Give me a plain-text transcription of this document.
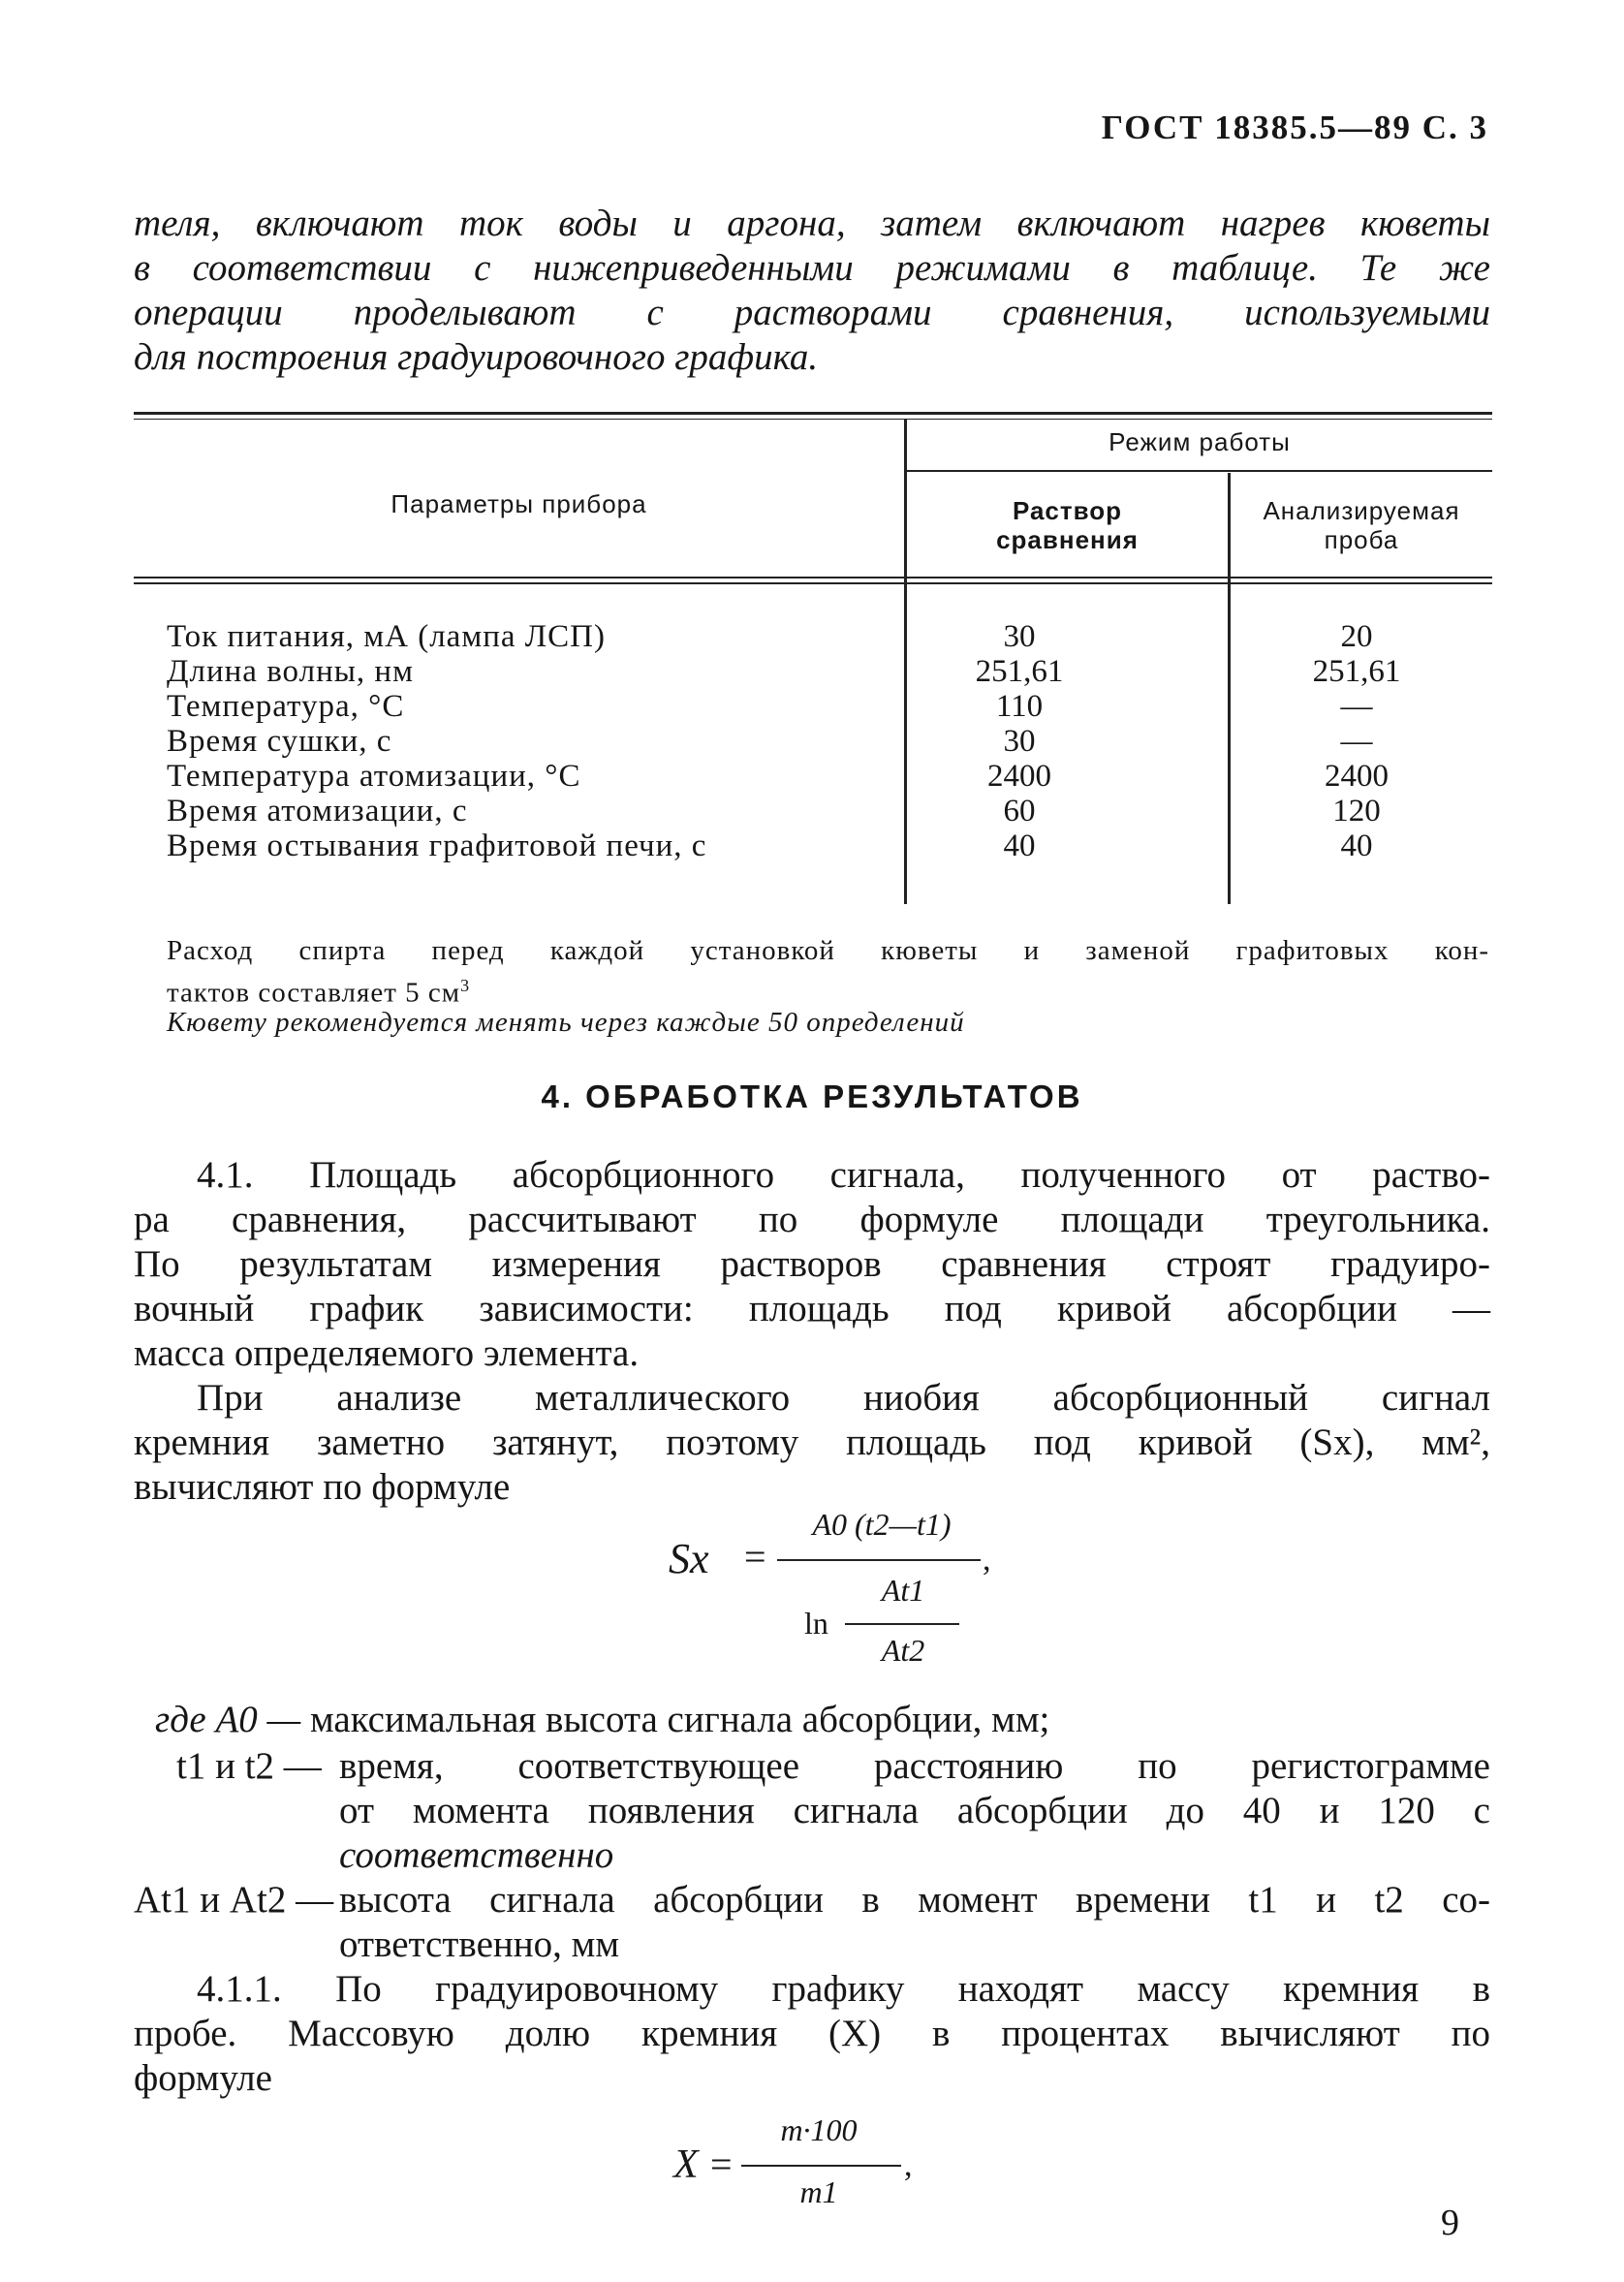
ГОСТ 18385.5—89 С. 3
теля, включают ток воды и аргона, затем включают нагрев кюветы
в соответствии с нижеприведенными режимами в таблице. Те же
операции проделывают с растворами сравнения, используемыми
для построения градуировочного графика.
Параметры прибора
Режим работы
Раствор
сравнения
Анализируемая
проба
Ток питания, мА (лампа ЛСП)
Длина волны, нм
Температура, °С
Время сушки, с
Температура атомизации, °С
Время атомизации, с
Время остывания графитовой печи, с
30
251,61
110
30
2400
60
40
20
251,61
—
—
2400
120
40
Расход спирта перед каждой установкой кюветы и заменой графитовых кон-
тактов составляет 5 $см^3$
Кювету рекомендуется менять через каждые 50 определений
4. ОБРАБОТКА РЕЗУЛЬТАТОВ
4.1. Площадь абсорбционного сигнала, полученного от раство-
ра сравнения, рассчитывают по формуле площади треугольника.
По результатам измерения растворов сравнения строят градуиро-
вочный график зависимости: площадь под кривой абсорбции —
масса определяемого элемента.
При анализе металлического ниобия абсорбционный сигнал
кремния заметно затянут, поэтому площадь под кривой (Sx), мм²,
вычисляют по формуле
Sx =
A0 (t2—t1)
,
ln
At1
At2
где A0 — максимальная высота сигнала абсорбции, мм;
t1 и t2 — время, соответствующее расстоянию по регистограмме
от момента появления сигнала абсорбции до 40 и 120 с
соответственно
At1 и At2 — высота сигнала абсорбции в момент времени t1 и t2 со-
ответственно, мм
4.1.1. По градуировочному графику находят массу кремния в
пробе. Массовую долю кремния (X) в процентах вычисляют по
формуле
X =
m·100
m1
,
9
